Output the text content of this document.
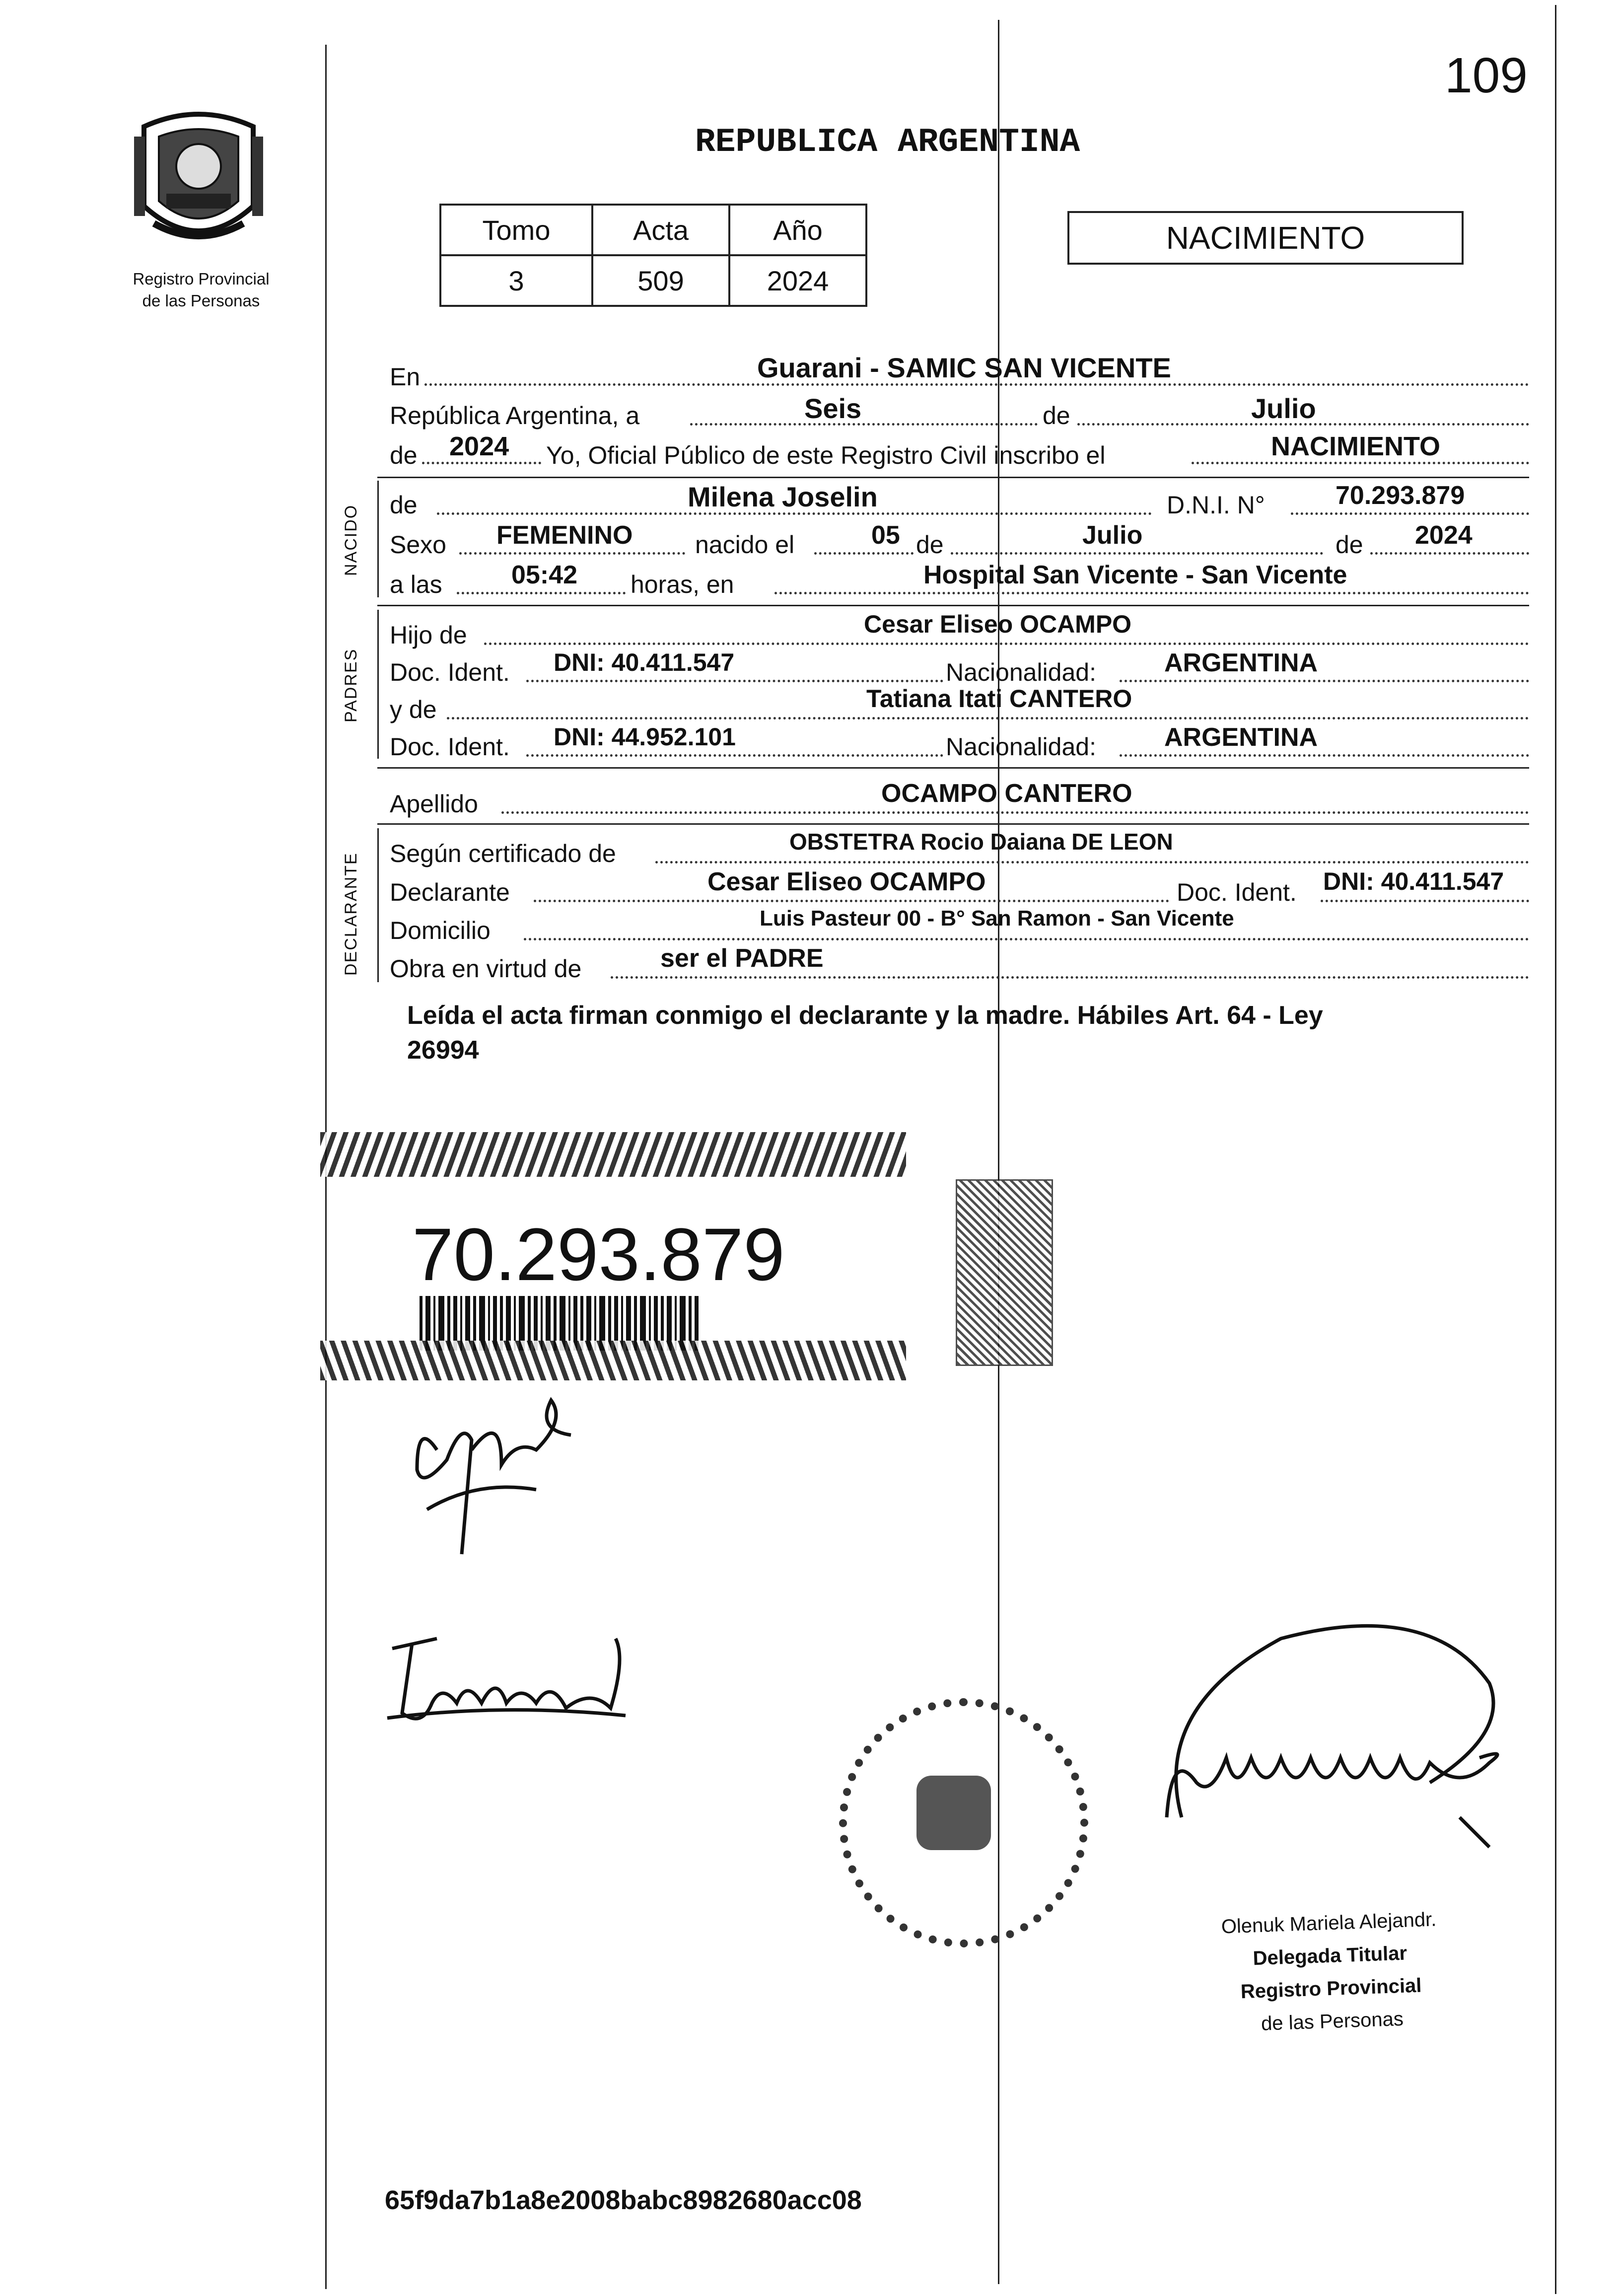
109
Registro Provincial
de las Personas
REPUBLICA ARGENTINA
Tomo	Acta	Año
3	509	2024
NACIMIENTO
En	Guarani - SAMIC SAN VICENTE
República Argentina, a	Seis	de	Julio
de 2024 Yo, Oficial Público de este Registro Civil inscribo el	NACIMIENTO
NACIDO de	Milena Joselin	D.N.I. N°	70.293.879
Sexo FEMENINO	nacido el	05 de	Julio	de 2024
a las	05:42 horas, en	Hospital San Vicente - San Vicente
PADRES
Hijo de	Cesar Eliseo OCAMPO
Doc. Ident. DNI: 40.411.547	Nacionalidad:	ARGENTINA
y de	Tatiana Itati CANTERO
Doc. Ident. DNI: 44.952.101	Nacionalidad:	ARGENTINA
Apellido	OCAMPO CANTERO
DECLARANTE Según certificado de	OBSTETRA Rocio Daiana DE LEON
Declarante	Cesar Eliseo OCAMPO	Doc. Ident. DNI: 40.411.547
Domicilio	Luis Pasteur 00 - B° San Ramon - San Vicente
Obra en virtud de	ser el PADRE
Leída el acta firman conmigo el declarante y la madre. Hábiles Art. 64 - Ley
26994
70.293.879
Olenuk Mariela Alejandr.
Delegada Titular
Registro Provincial
de las Personas
65f9da7b1a8e2008babc8982680acc08
